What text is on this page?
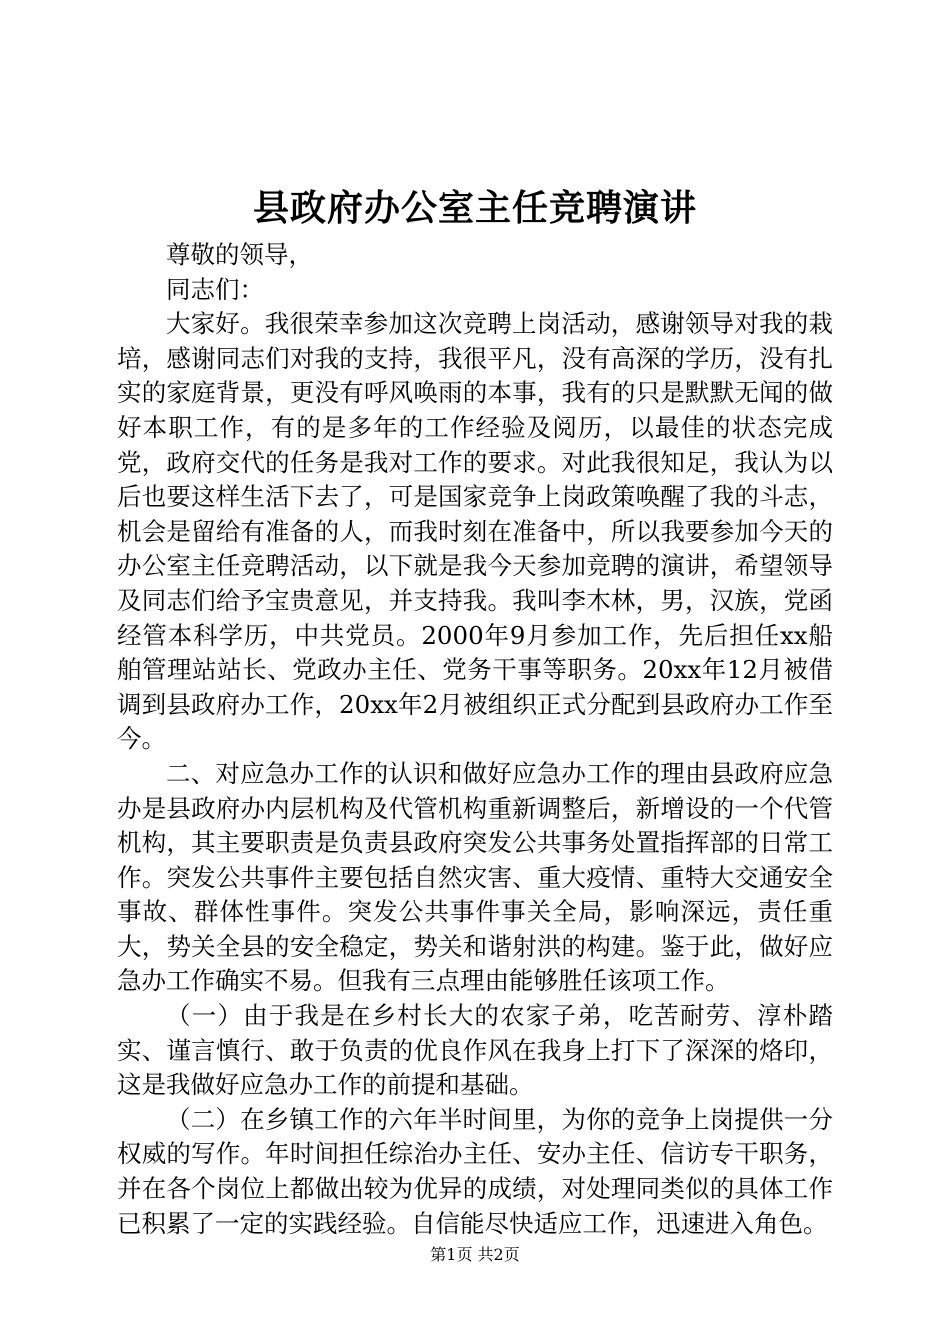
县政府办公室主任竞聘演讲

尊敬的领导，

同志们：

大家好。我很荣幸参加这次竞聘上岗活动，感谢领导对我的栽培，感谢同志们对我的支持，我很平凡，没有高深的学历，没有扎实的家庭背景，更没有呼风唤雨的本事，我有的只是默默无闻的做好本职工作，有的是多年的工作经验及阅历，以最佳的状态完成党，政府交代的任务是我对工作的要求。对此我很知足，我认为以后也要这样生活下去了，可是国家竞争上岗政策唤醒了我的斗志，机会是留给有准备的人，而我时刻在准备中，所以我要参加今天的办公室主任竞聘活动，以下就是我今天参加竞聘的演讲，希望领导及同志们给予宝贵意见，并支持我。我叫李木林，男，汉族，党函经管本科学历，中共党员。2000年9月参加工作，先后担任xx船舶管理站站长、党政办主任、党务干事等职务。20xx年12月被借调到县政府办工作，20xx年2月被组织正式分配到县政府办工作至今。

二、对应急办工作的认识和做好应急办工作的理由县政府应急办是县政府办内层机构及代管机构重新调整后，新增设的一个代管机构，其主要职责是负责县政府突发公共事务处置指挥部的日常工作。突发公共事件主要包括自然灾害、重大疫情、重特大交通安全事故、群体性事件。突发公共事件事关全局，影响深远，责任重大，势关全县的安全稳定，势关和谐射洪的构建。鉴于此，做好应急办工作确实不易。但我有三点理由能够胜任该项工作。

（一）由于我是在乡村长大的农家子弟，吃苦耐劳、淳朴踏实、谨言慎行、敢于负责的优良作风在我身上打下了深深的烙印，这是我做好应急办工作的前提和基础。

（二）在乡镇工作的六年半时间里，为你的竞争上岗提供一分权威的写作。年时间担任综治办主任、安办主任、信访专干职务，并在各个岗位上都做出较为优异的成绩，对处理同类似的具体工作已积累了一定的实践经验。自信能尽快适应工作，迅速进入角色。

第1页 共2页
